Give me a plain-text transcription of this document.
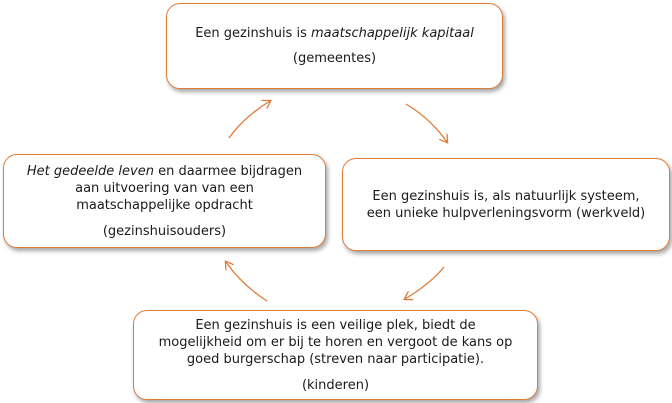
Een gezinshuis is maatschappelijk kapitaal
(gemeentes)
Een gezinshuis is, als natuurlijk systeem,
een unieke hulpverleningsvorm (werkveld)
Een gezinshuis is een veilige plek, biedt de
mogelijkheid om er bij te horen en vergoot de kans op
goed burgerschap (streven naar participatie).
(kinderen)
Het gedeelde leven en daarmee bijdragen
aan uitvoering van van een
maatschappelijke opdracht
(gezinshuisouders)
